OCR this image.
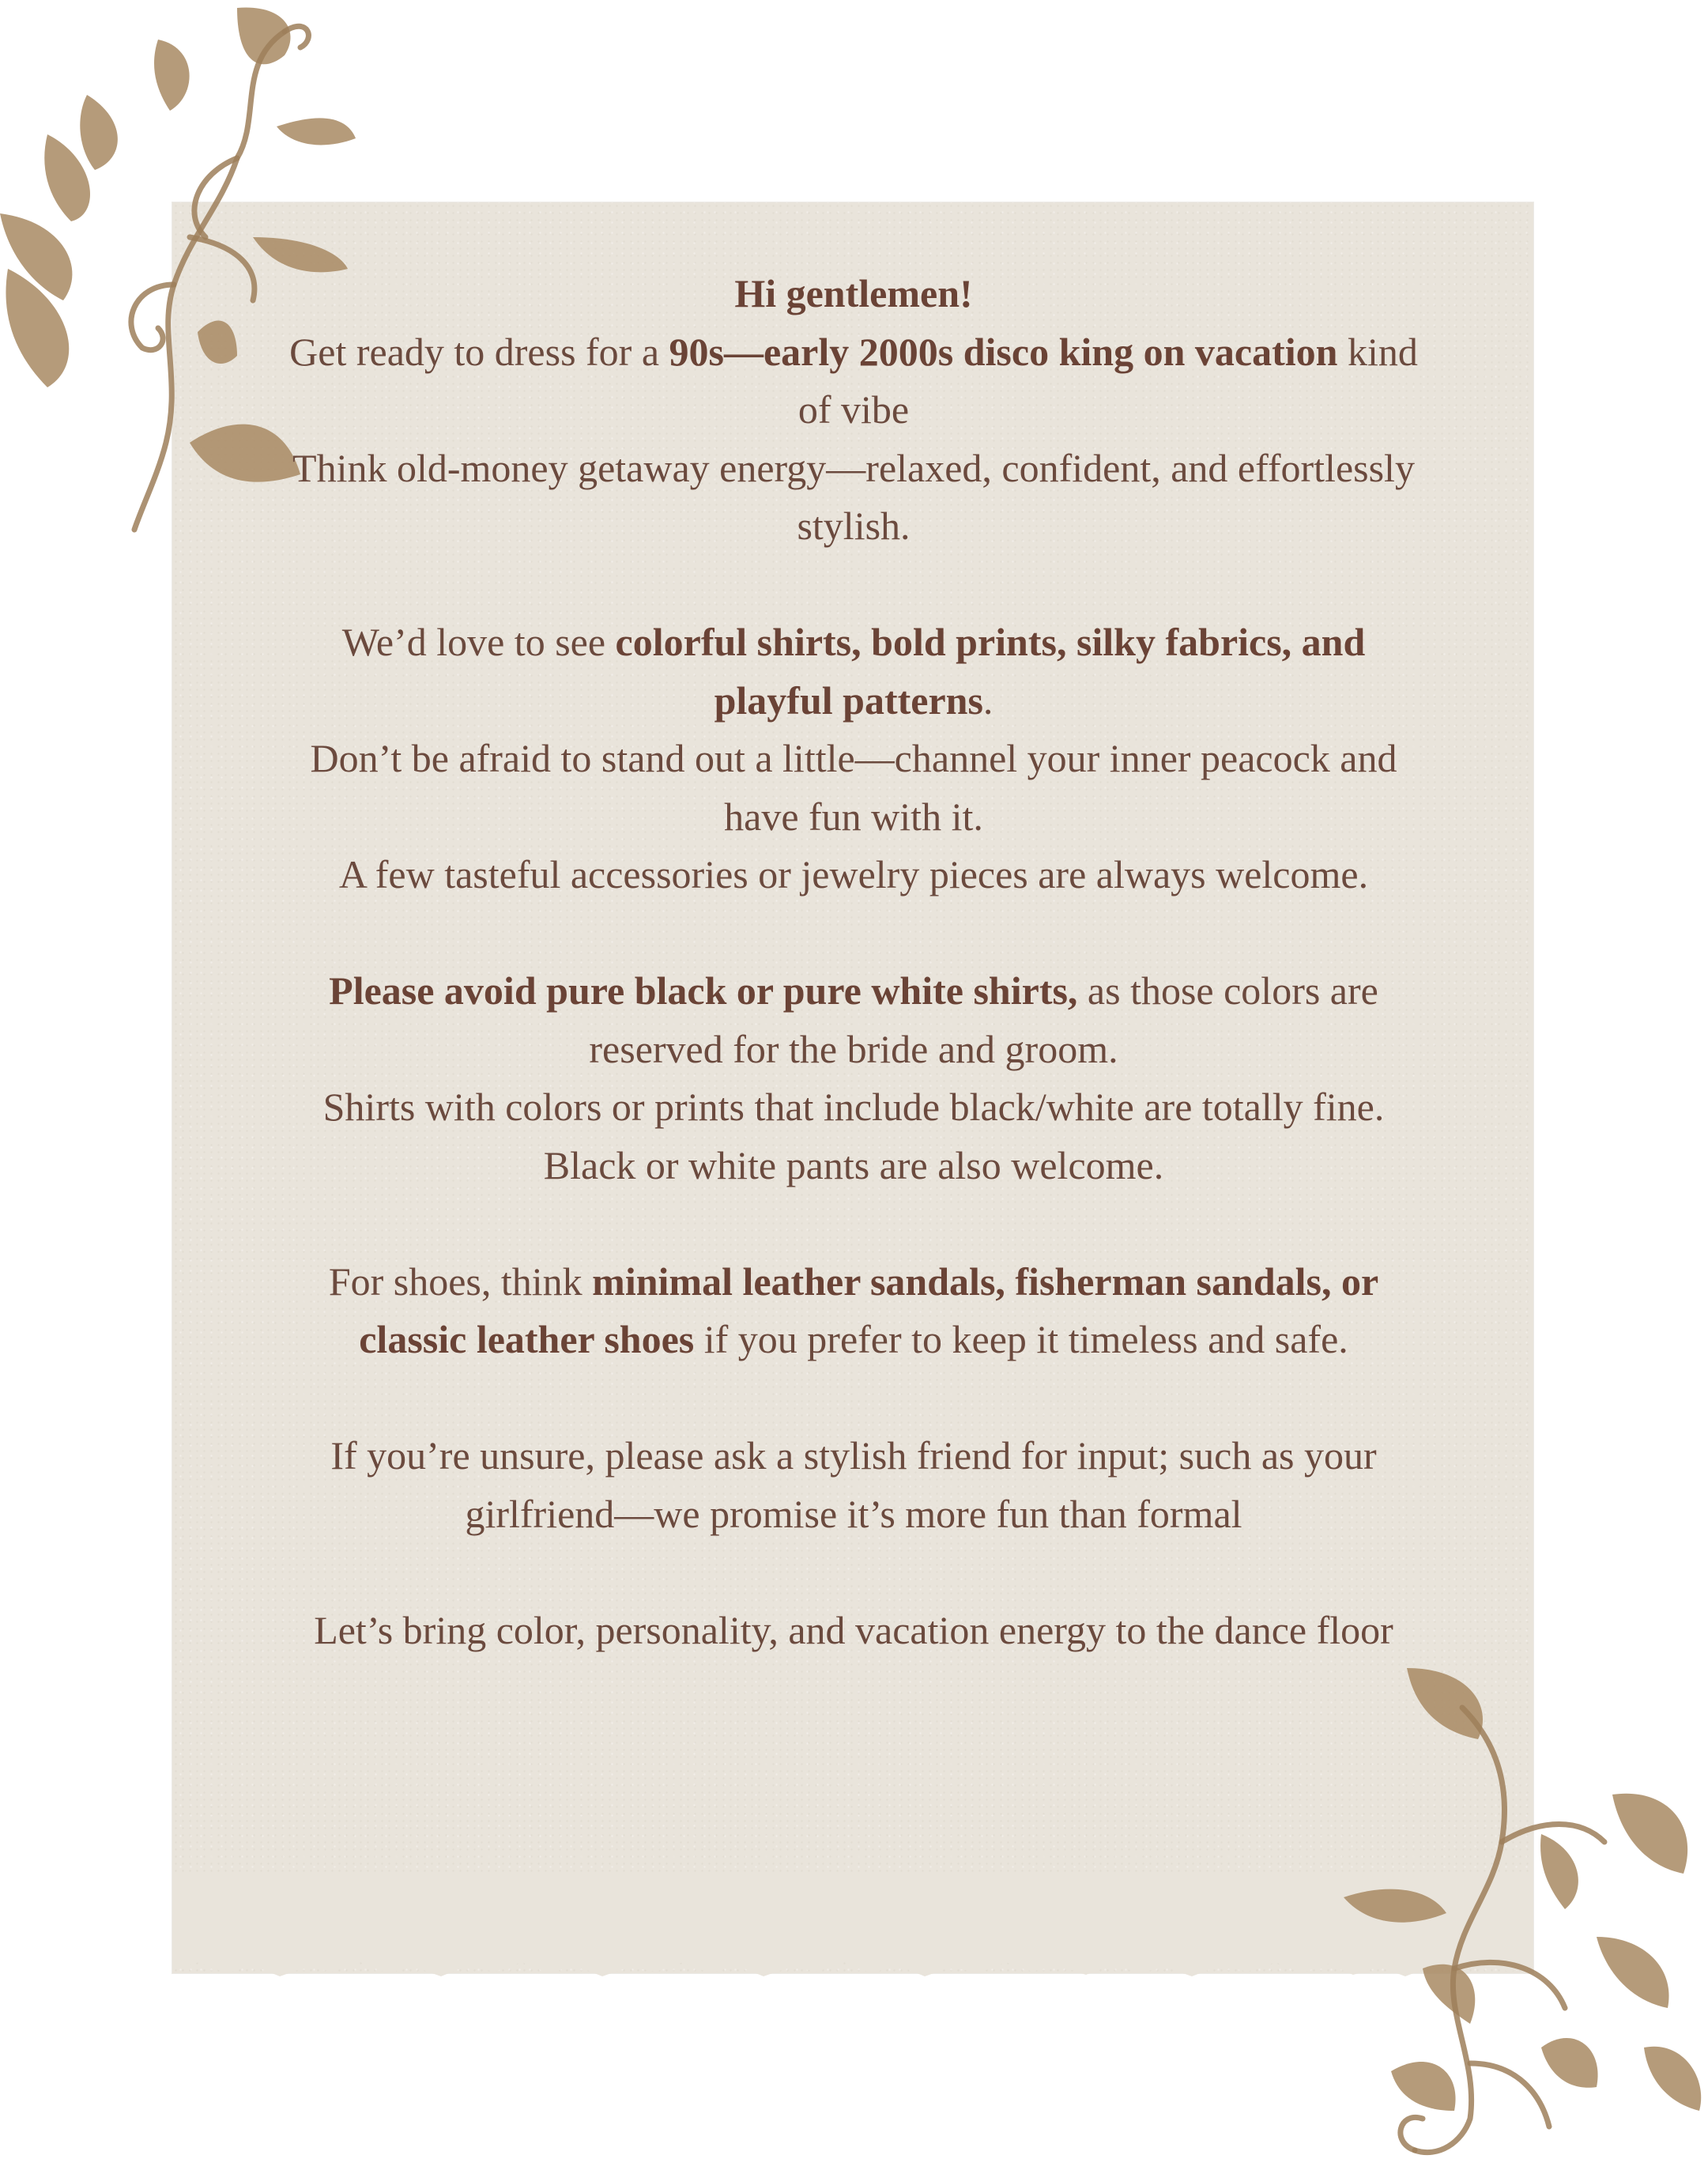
Hi gentlemen!

Get ready to dress for a 90s—early 2000s disco king on vacation kind of vibe

Think old-money getaway energy—relaxed, confident, and effortlessly stylish.

We’d love to see colorful shirts, bold prints, silky fabrics, and playful patterns.

Don’t be afraid to stand out a little—channel your inner peacock and have fun with it.

A few tasteful accessories or jewelry pieces are always welcome.

Please avoid pure black or pure white shirts, as those colors are reserved for the bride and groom.

Shirts with colors or prints that include black/white are totally fine.

Black or white pants are also welcome.

For shoes, think minimal leather sandals, fisherman sandals, or classic leather shoes if you prefer to keep it timeless and safe.

If you’re unsure, please ask a stylish friend for input; such as your girlfriend—we promise it’s more fun than formal

Let’s bring color, personality, and vacation energy to the dance floor
